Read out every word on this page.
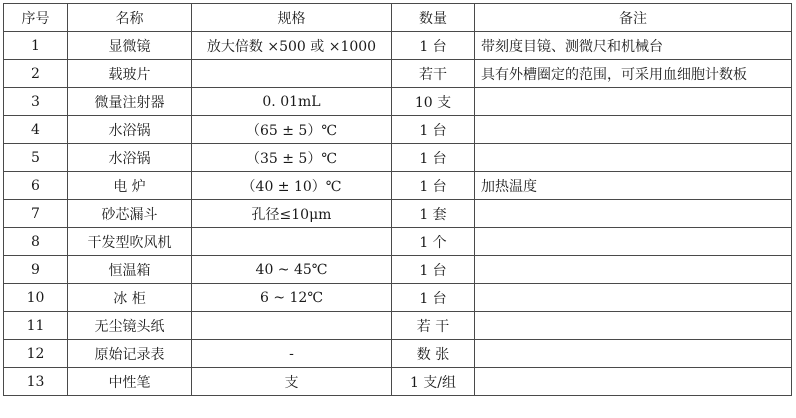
序号	名称	规格	数量	备注
1	显微镜	放大倍数 ×500 或 ×1000	1 台	带刻度目镜、测微尺和机械台
2	载玻片		若干	具有外槽圈定的范围，可采用血细胞计数板
3	微量注射器	0. 01mL	10 支	
4	水浴锅	（65 ± 5）℃	1 台	
5	水浴锅	（35 ± 5）℃	1 台	
6	电 炉	（40 ± 10）℃	1 台	加热温度
7	砂芯漏斗	孔径≤10μm	1 套	
8	干发型吹风机		1 个	
9	恒温箱	40 ~ 45℃	1 台	
10	冰 柜	6 ~ 12℃	1 台	
11	无尘镜头纸		若 干	
12	原始记录表	-	数 张	
13	中性笔	支	1 支/组	
